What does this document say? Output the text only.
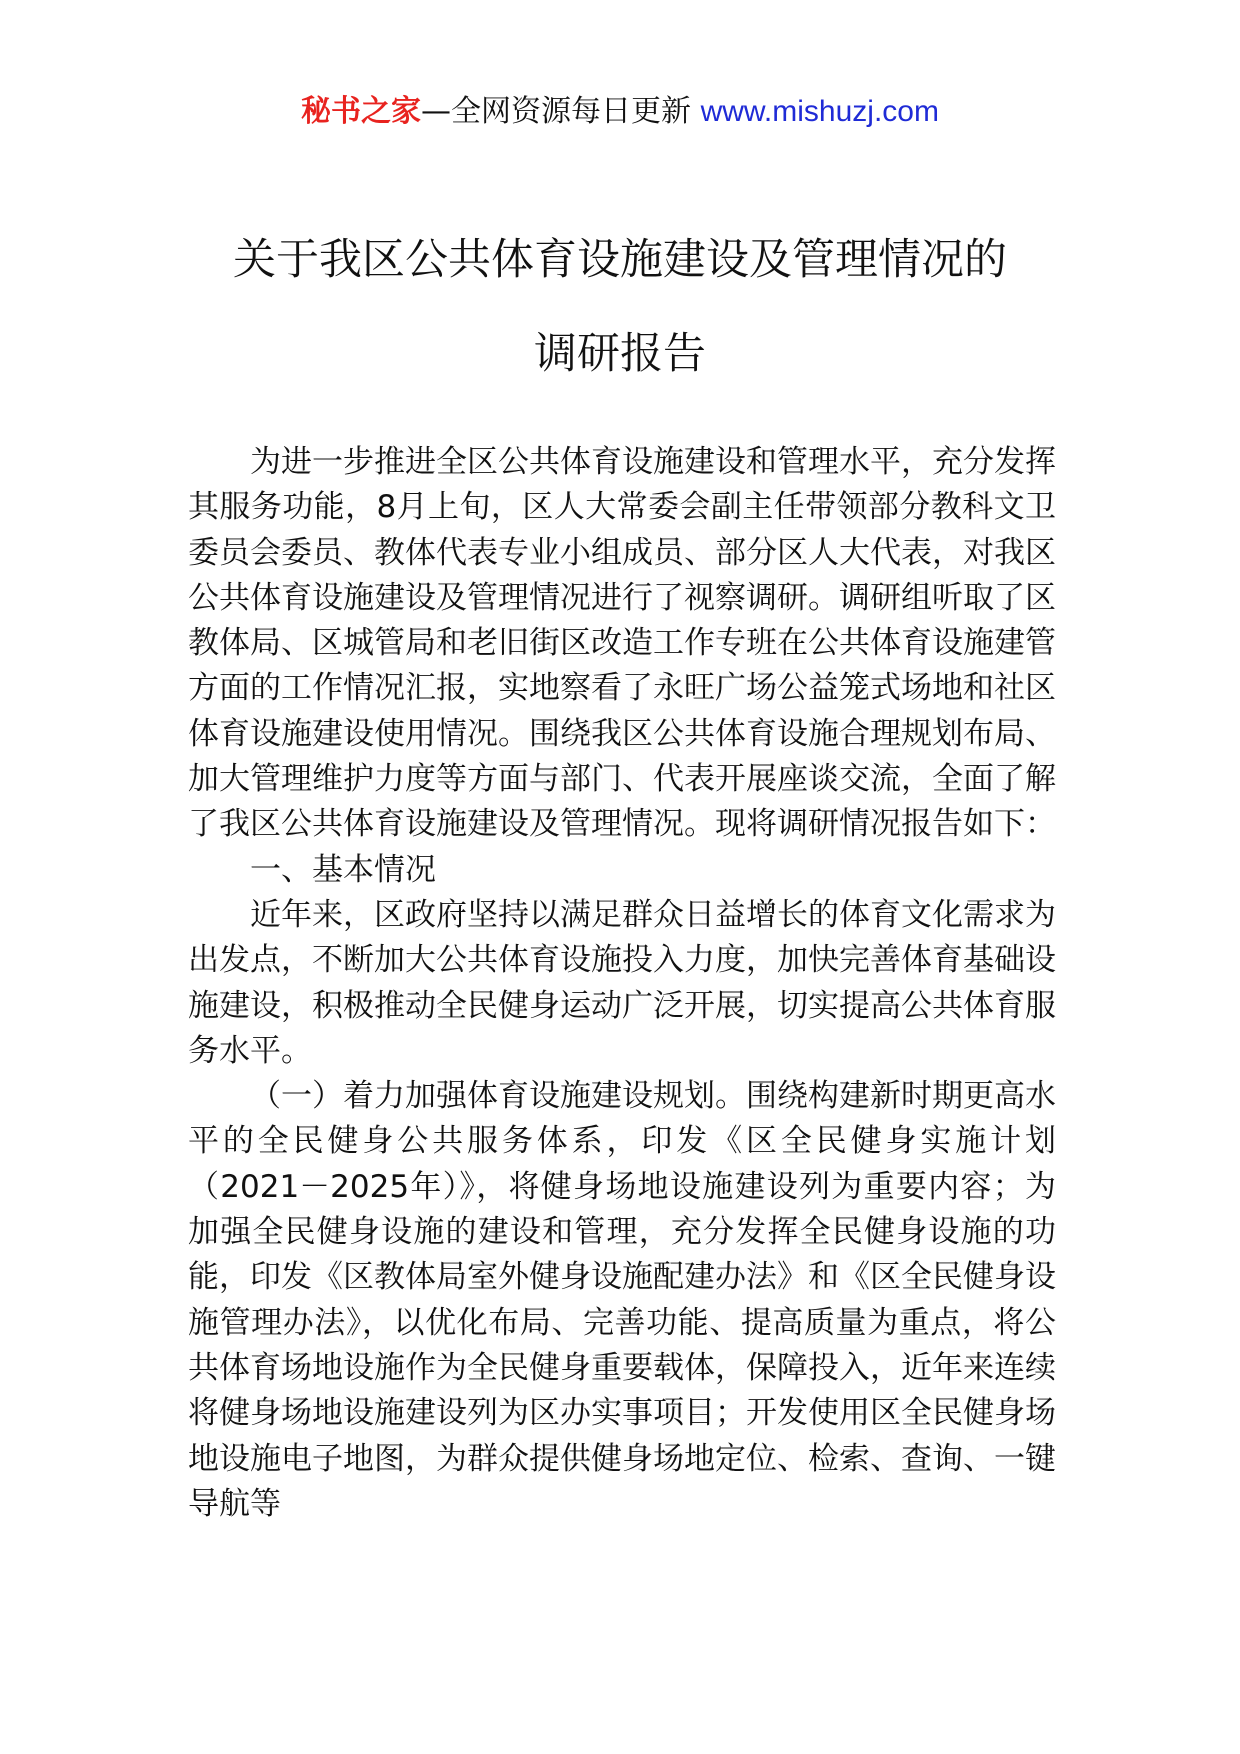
秘书之家—全网资源每日更新 www.mishuzj.com
关于我区公共体育设施建设及管理情况的
调研报告

为进一步推进全区公共体育设施建设和管理水平，充分发挥其服务功能，8月上旬，区人大常委会副主任带领部分教科文卫委员会委员、教体代表专业小组成员、部分区人大代表，对我区公共体育设施建设及管理情况进行了视察调研。调研组听取了区教体局、区城管局和老旧街区改造工作专班在公共体育设施建管方面的工作情况汇报，实地察看了永旺广场公益笼式场地和社区体育设施建设使用情况。围绕我区公共体育设施合理规划布局、加大管理维护力度等方面与部门、代表开展座谈交流，全面了解了我区公共体育设施建设及管理情况。现将调研情况报告如下：

一、基本情况

近年来，区政府坚持以满足群众日益增长的体育文化需求为出发点，不断加大公共体育设施投入力度，加快完善体育基础设施建设，积极推动全民健身运动广泛开展，切实提高公共体育服务水平。

（一）着力加强体育设施建设规划。围绕构建新时期更高水平的全民健身公共服务体系，印发《区全民健身实施计划（2021－2025年）》，将健身场地设施建设列为重要内容；为加强全民健身设施的建设和管理，充分发挥全民健身设施的功能，印发《区教体局室外健身设施配建办法》和《区全民健身设施管理办法》，以优化布局、完善功能、提高质量为重点，将公共体育场地设施作为全民健身重要载体，保障投入，近年来连续将健身场地设施建设列为区办实事项目；开发使用区全民健身场地设施电子地图，为群众提供健身场地定位、检索、查询、一键导航等
